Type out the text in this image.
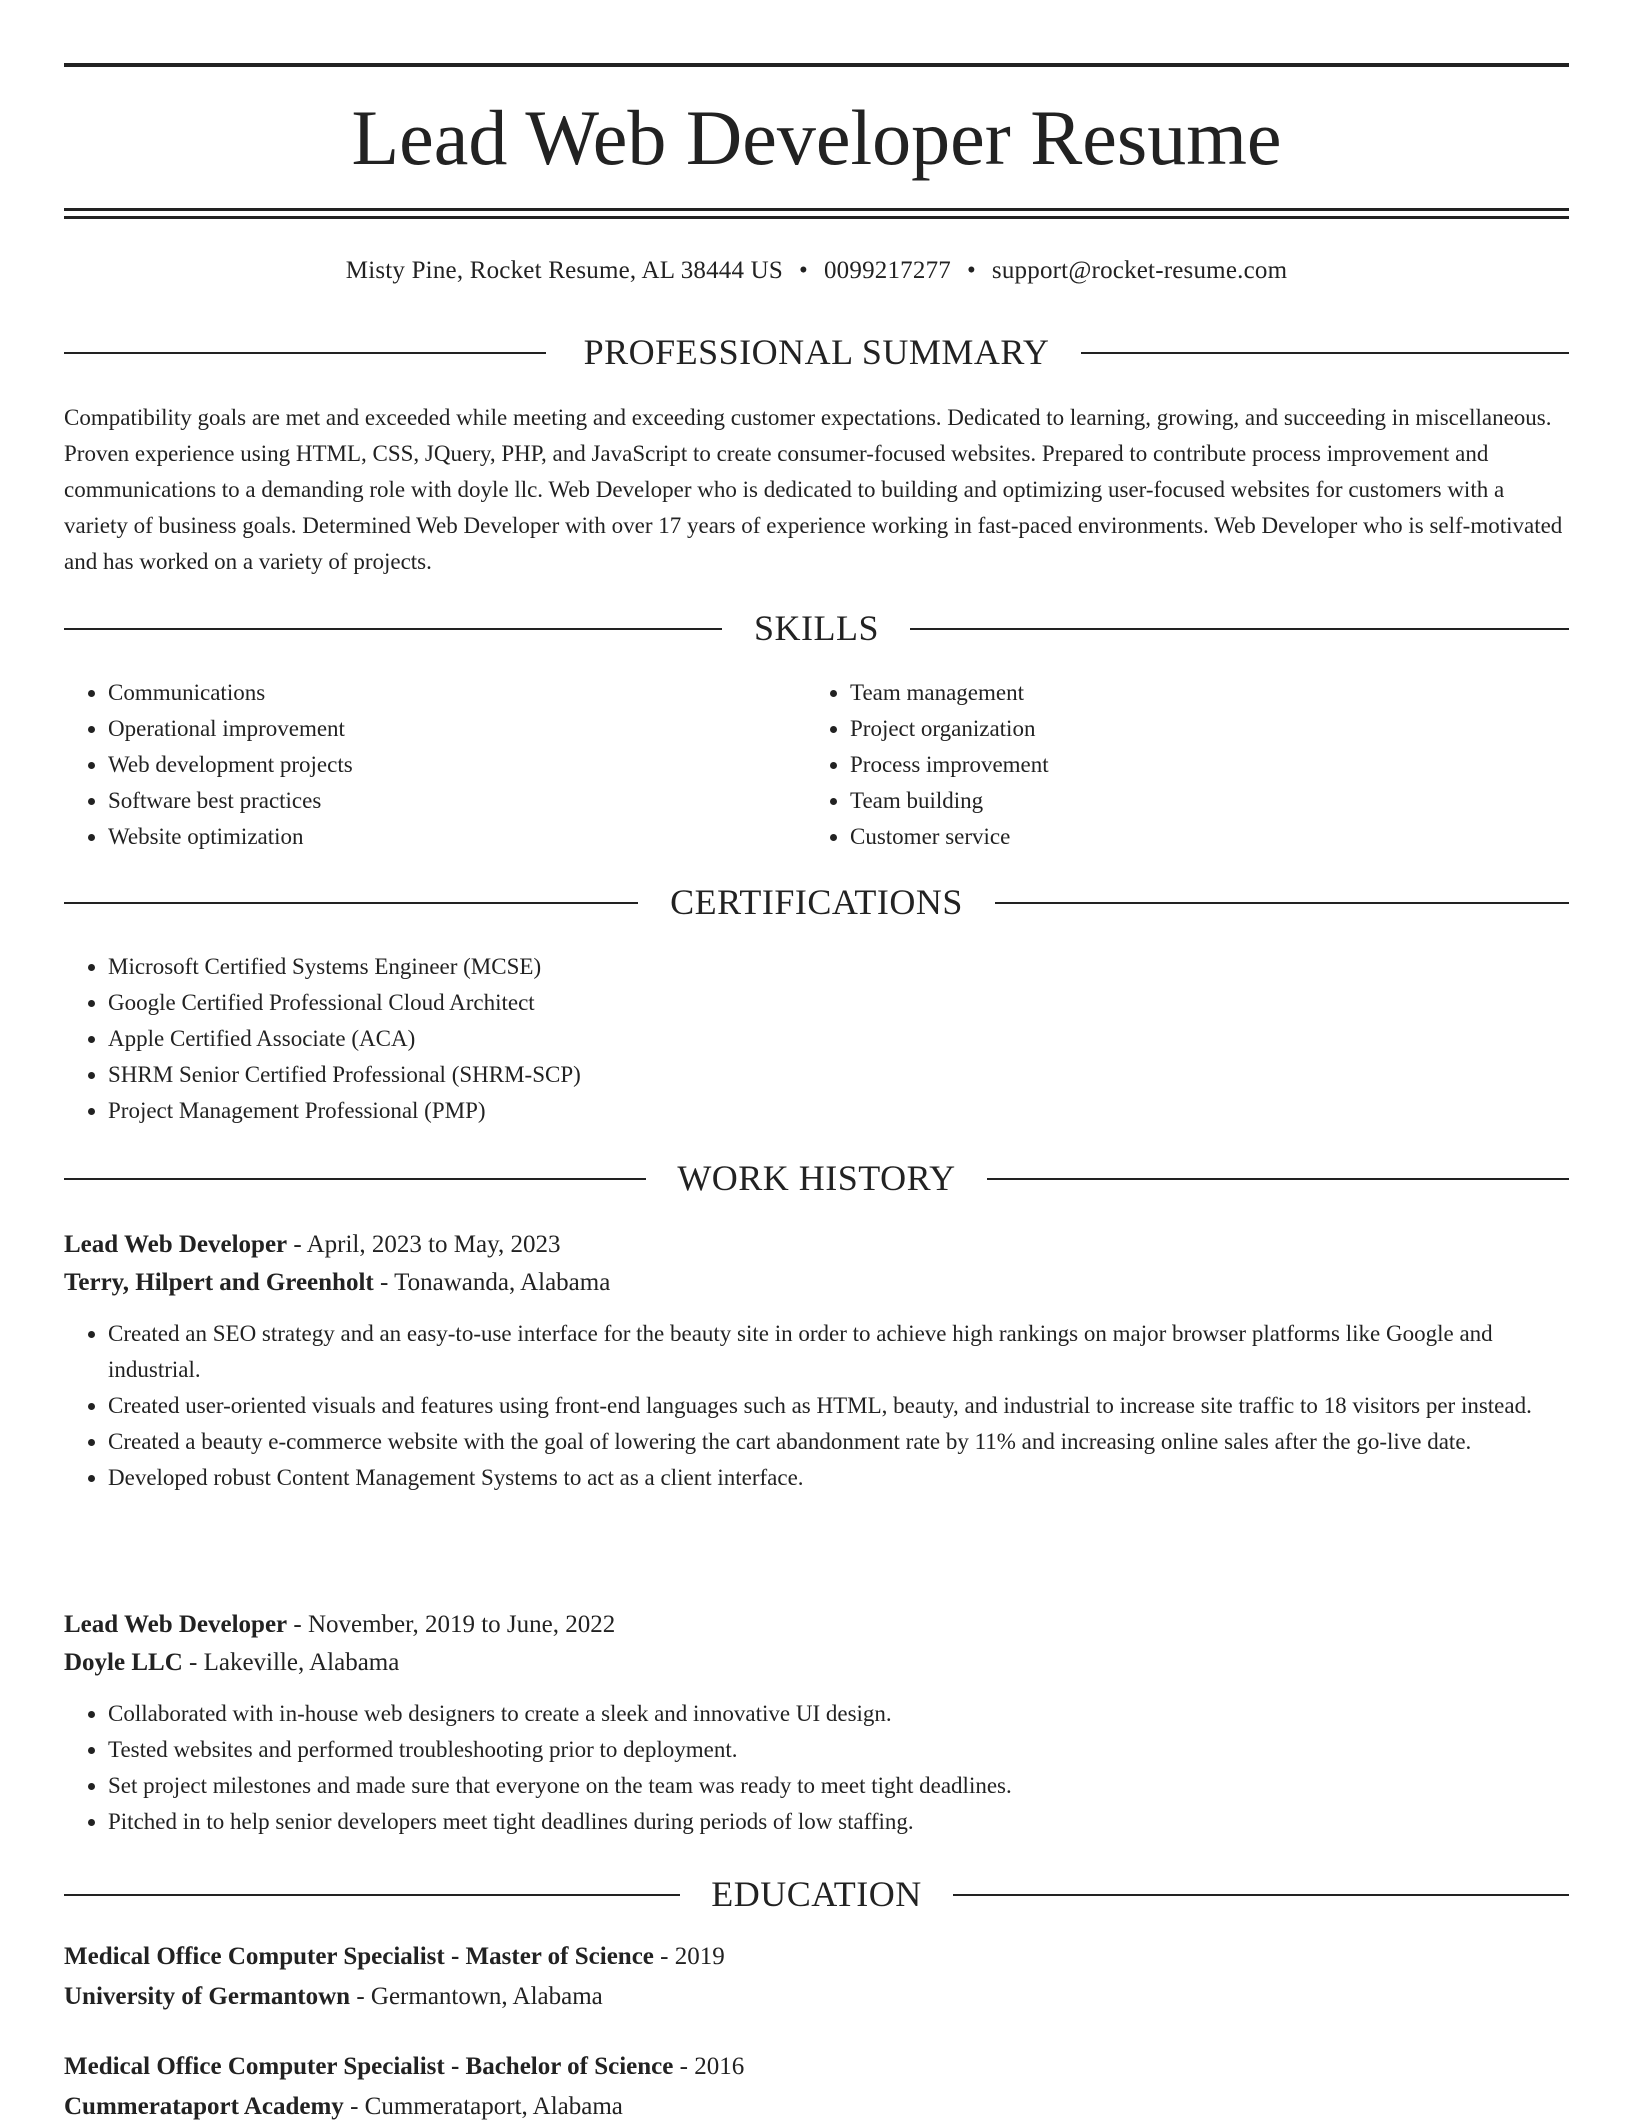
Lead Web Developer Resume
Misty Pine, Rocket Resume, AL 38444 US • 0099217277 • support@rocket-resume.com
PROFESSIONAL SUMMARY

Compatibility goals are met and exceeded while meeting and exceeding customer expectations. Dedicated to learning, growing, and succeeding in miscellaneous. Proven experience using HTML, CSS, JQuery, PHP, and JavaScript to create consumer-focused websites. Prepared to contribute process improvement and communications to a demanding role with doyle llc. Web Developer who is dedicated to building and optimizing user-focused websites for customers with a variety of business goals. Determined Web Developer with over 17 years of experience working in fast-paced environments. Web Developer who is self-motivated and has worked on a variety of projects.

SKILLS
• Communications
• Operational improvement
• Web development projects
• Software best practices
• Website optimization
• Team management
• Project organization
• Process improvement
• Team building
• Customer service
CERTIFICATIONS
• Microsoft Certified Systems Engineer (MCSE)
• Google Certified Professional Cloud Architect
• Apple Certified Associate (ACA)
• SHRM Senior Certified Professional (SHRM-SCP)
• Project Management Professional (PMP)
WORK HISTORY
Lead Web Developer - April, 2023 to May, 2023
Terry, Hilpert and Greenholt - Tonawanda, Alabama
• Created an SEO strategy and an easy-to-use interface for the beauty site in order to achieve high rankings on major browser platforms like Google and industrial.
• Created user-oriented visuals and features using front-end languages such as HTML, beauty, and industrial to increase site traffic to 18 visitors per instead.
• Created a beauty e-commerce website with the goal of lowering the cart abandonment rate by 11% and increasing online sales after the go-live date.
• Developed robust Content Management Systems to act as a client interface.
Lead Web Developer - November, 2019 to June, 2022
Doyle LLC - Lakeville, Alabama
• Collaborated with in-house web designers to create a sleek and innovative UI design.
• Tested websites and performed troubleshooting prior to deployment.
• Set project milestones and made sure that everyone on the team was ready to meet tight deadlines.
• Pitched in to help senior developers meet tight deadlines during periods of low staffing.
EDUCATION
Medical Office Computer Specialist - Master of Science - 2019
University of Germantown - Germantown, Alabama
Medical Office Computer Specialist - Bachelor of Science - 2016
Cummerataport Academy - Cummerataport, Alabama
